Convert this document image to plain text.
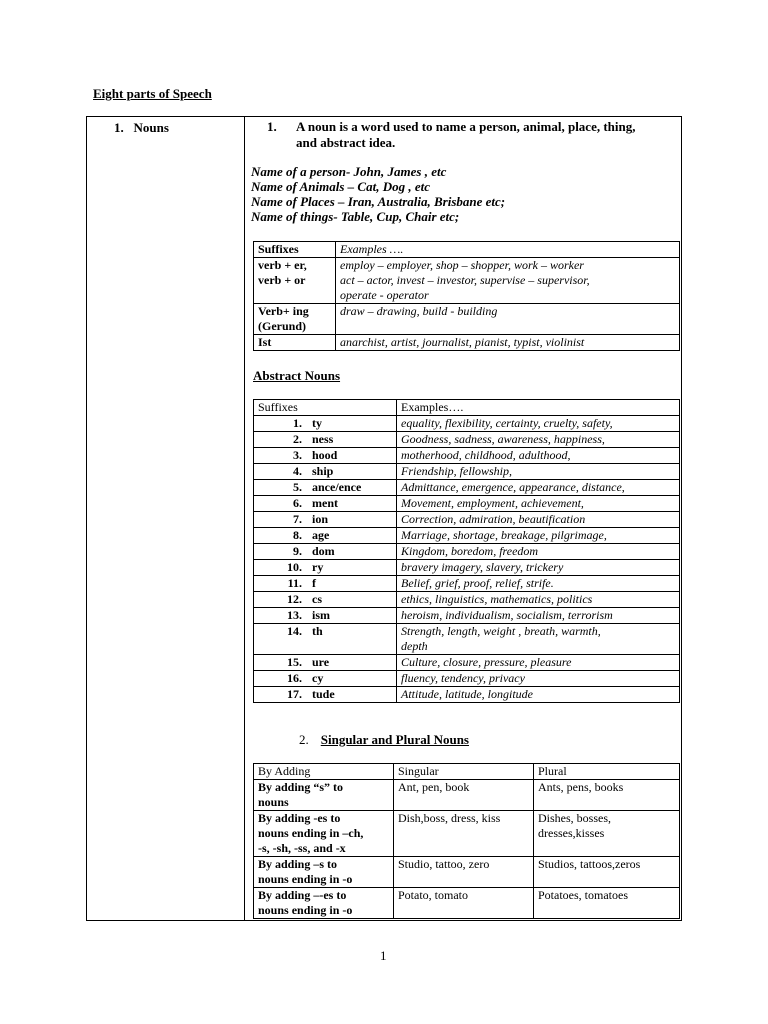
Eight parts of Speech
1.   Nouns	1. A noun is a word used to name a person, animal, place, thing, and abstract idea.
Name of a person- John, James , etc
Name of Animals – Cat, Dog , etc
Name of Places – Iran, Australia, Brisbane etc;
Name of things- Table, Cup, Chair etc;
Suffixes	Examples ….
verb + er,
verb + or	employ – employer, shop – shopper, work – worker
act – actor, invest – investor, supervise – supervisor,
operate - operator
Verb+ ing
(Gerund)	draw – drawing, build - building
Ist	anarchist, artist, journalist, pianist, typist, violinist
Abstract Nouns
Suffixes	Examples….
1. ty	equality, flexibility, certainty, cruelty, safety,
2. ness	Goodness, sadness, awareness, happiness,
3. hood	motherhood, childhood, adulthood,
4. ship	Friendship, fellowship,
5. ance/ence	Admittance, emergence, appearance, distance,
6. ment	Movement, employment, achievement,
7. ion	Correction, admiration, beautification
8. age	Marriage, shortage, breakage, pilgrimage,
9. dom	Kingdom, boredom, freedom
10. ry	bravery imagery, slavery, trickery
11. f	Belief, grief, proof, relief, strife.
12. cs	ethics, linguistics, mathematics, politics
13. ism	heroism, individualism, socialism, terrorism
14. th	Strength, length, weight , breath, warmth,
depth
15. ure	Culture, closure, pressure, pleasure
16. cy	fluency, tendency, privacy
17. tude	Attitude, latitude, longitude
2. Singular and Plural Nouns
By Adding	Singular	Plural
By adding “s” to
nouns	Ant, pen, book	Ants, pens, books
By adding -es to
nouns ending in –ch,
-s, -sh, -ss, and -x	Dish,boss, dress, kiss	Dishes, bosses,
dresses,kisses
By adding –s to
nouns ending in -o	Studio, tattoo, zero	Studios, tattoos,zeros
By adding –-es to
nouns ending in -o	Potato, tomato	Potatoes, tomatoes
1
